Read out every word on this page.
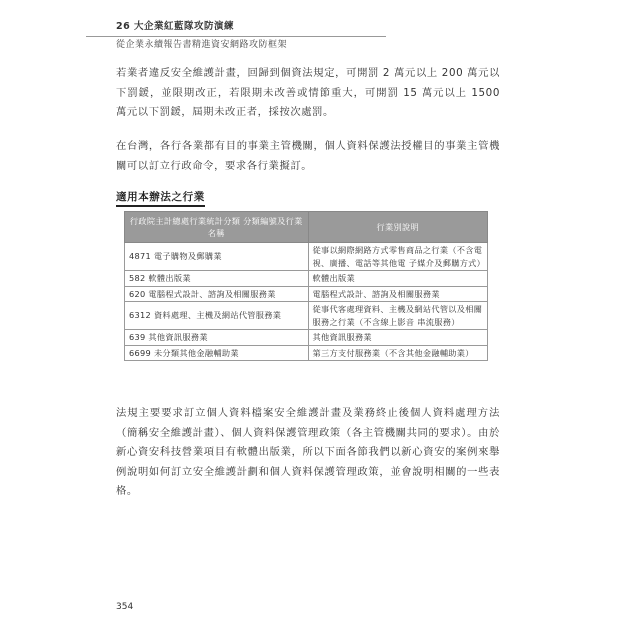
26 大企業紅藍隊攻防演練
從企業永續報告書精進資安網路攻防框架

若業者違反安全維護計畫，回歸到個資法規定，可開罰 2 萬元以上 200 萬元以下罰鍰，並限期改正，若限期未改善或情節重大，可開罰 15 萬元以上 1500 萬元以下罰鍰，屆期未改正者，採按次處罰。

在台灣，各行各業都有目的事業主管機關，個人資料保護法授權目的事業主管機關可以訂立行政命令，要求各行業擬訂。

適用本辦法之行業
行政院主計總處行業統計分類 分類編號及行業名稱	行業別說明
4871 電子購物及郵購業	從事以網際網路方式零售商品之行業（不含電視、廣播、電話等其他電 子媒介及郵購方式）
582 軟體出版業	軟體出版業
620 電腦程式設計、諮詢及相關服務業	電腦程式設計、諮詢及相關服務業
6312 資料處理、主機及網站代管服務業	從事代客處理資料、主機及網站代管以及相關服務之行業（不含線上影音 串流服務）
639 其他資訊服務業	其他資訊服務業
6699 未分類其他金融輔助業	第三方支付服務業（不含其他金融輔助業）

法規主要要求訂立個人資料檔案安全維護計畫及業務終止後個人資料處理方法（簡稱安全維護計畫）、個人資料保護管理政策（各主管機關共同的要求）。由於新心資安科技營業項目有軟體出版業，所以下面各節我們以新心資安的案例來舉例說明如何訂立安全維護計劃和個人資料保護管理政策，並會說明相關的一些表格。

354
